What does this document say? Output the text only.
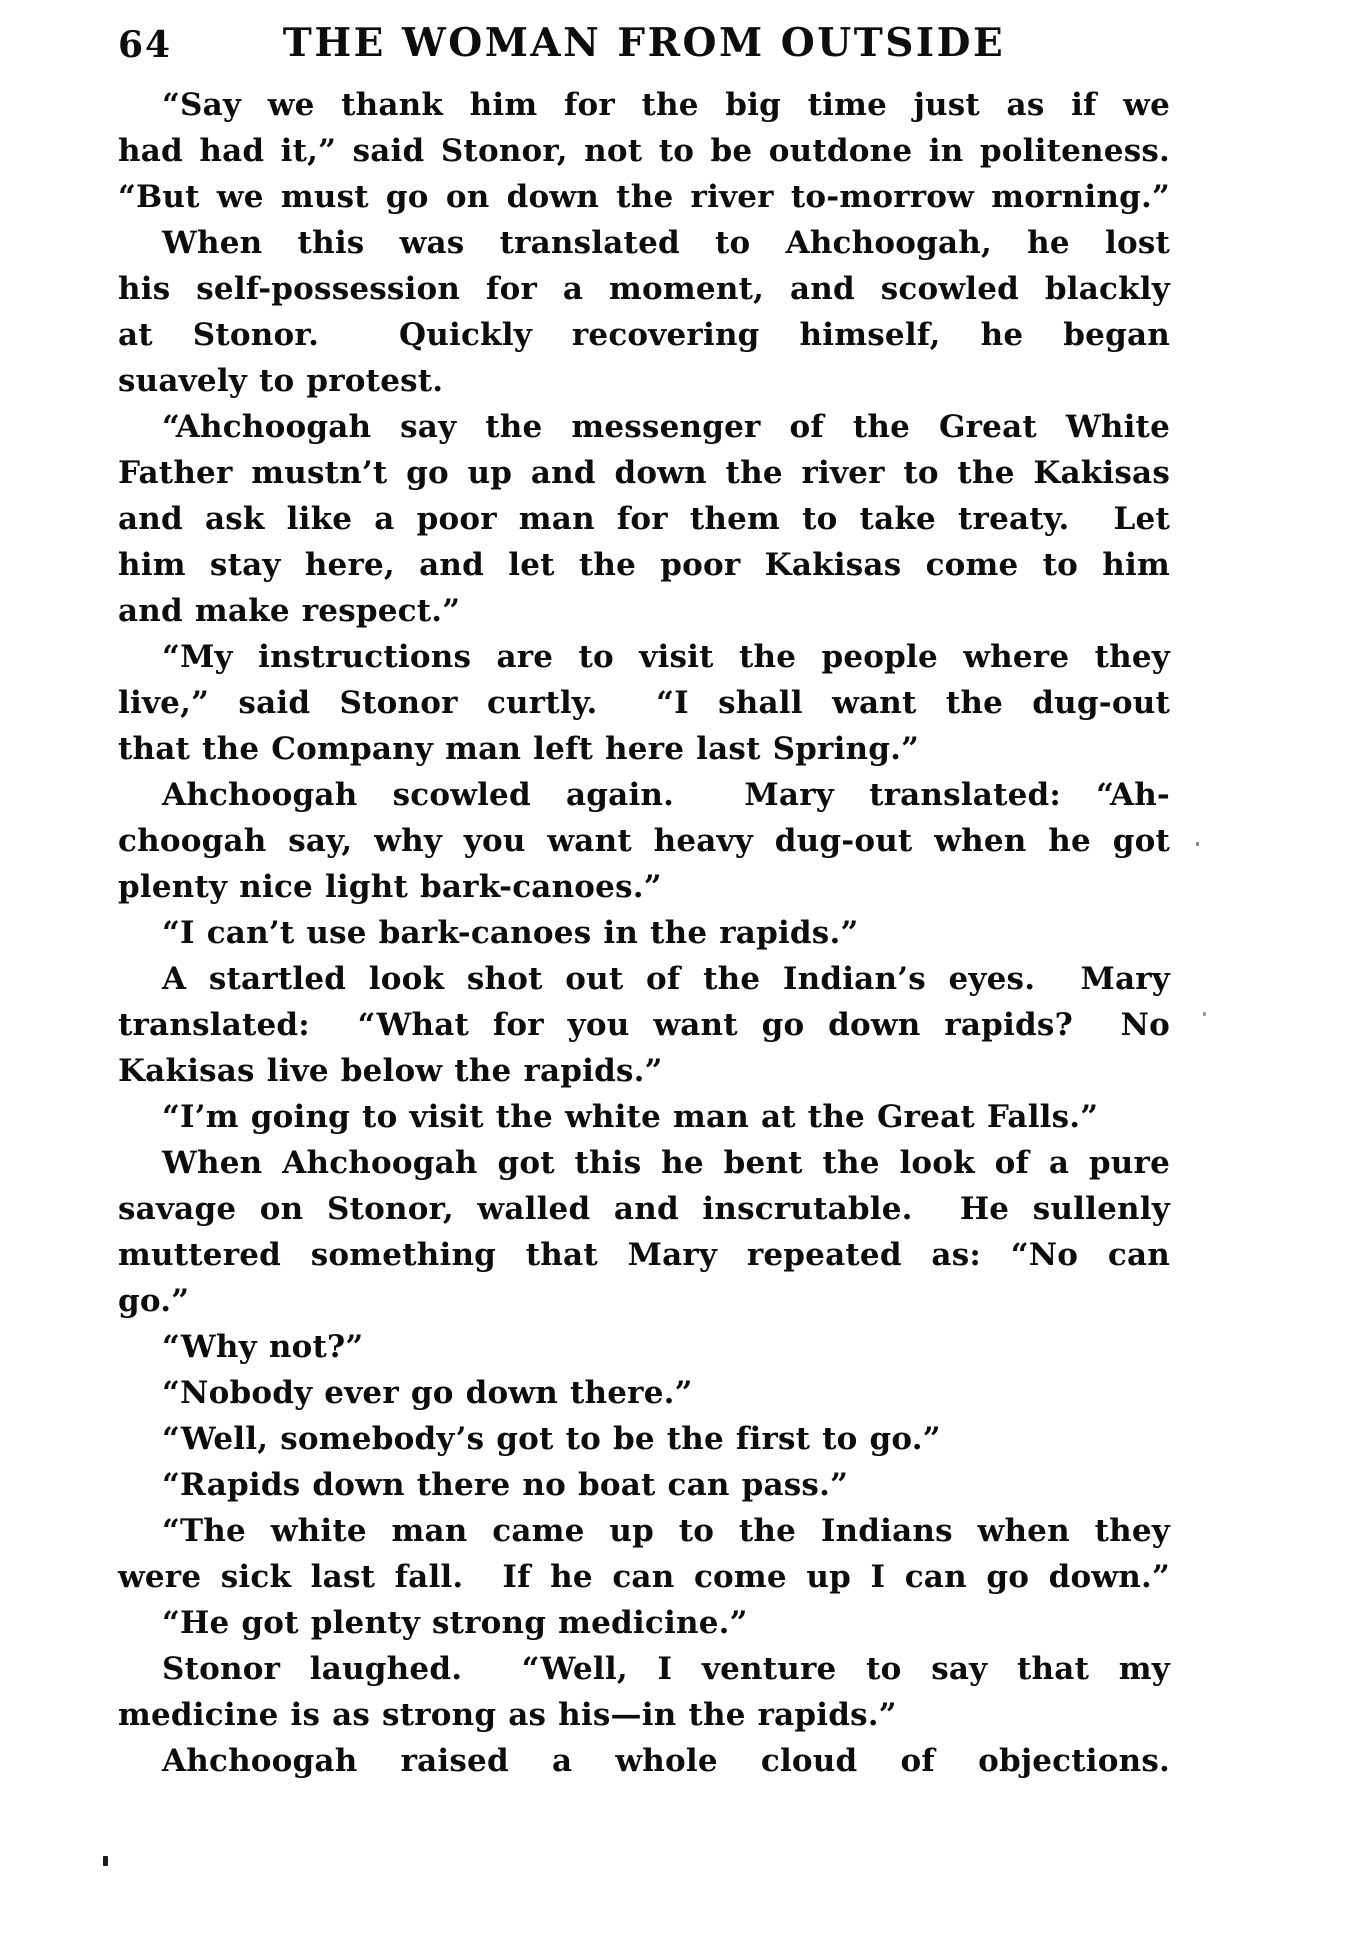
64	THE WOMAN FROM OUTSIDE
“Say we thank him for the big time just as if we
had had it,” said Stonor, not to be outdone in politeness.
“But we must go on down the river to-morrow morning.”
When this was translated to Ahchoogah, he lost
his self-possession for a moment, and scowled blackly
at Stonor.  Quickly recovering himself, he began
suavely to protest.
“Ahchoogah say the messenger of the Great White
Father mustn’t go up and down the river to the Kakisas
and ask like a poor man for them to take treaty.  Let
him stay here, and let the poor Kakisas come to him
and make respect.”
“My instructions are to visit the people where they
live,” said Stonor curtly.  “I shall want the dug-out
that the Company man left here last Spring.”
Ahchoogah scowled again.  Mary translated: “Ah-
choogah say, why you want heavy dug-out when he got
plenty nice light bark-canoes.”
“I can’t use bark-canoes in the rapids.”
A startled look shot out of the Indian’s eyes.  Mary
translated:  “What for you want go down rapids?  No
Kakisas live below the rapids.”
“I’m going to visit the white man at the Great Falls.”
When Ahchoogah got this he bent the look of a pure
savage on Stonor, walled and inscrutable.  He sullenly
muttered something that Mary repeated as: “No can
go.”
“Why not?”
“Nobody ever go down there.”
“Well, somebody’s got to be the first to go.”
“Rapids down there no boat can pass.”
“The white man came up to the Indians when they
were sick last fall.  If he can come up I can go down.”
“He got plenty strong medicine.”
Stonor laughed.  “Well, I venture to say that my
medicine is as strong as his—in the rapids.”
Ahchoogah raised a whole cloud of objections.
